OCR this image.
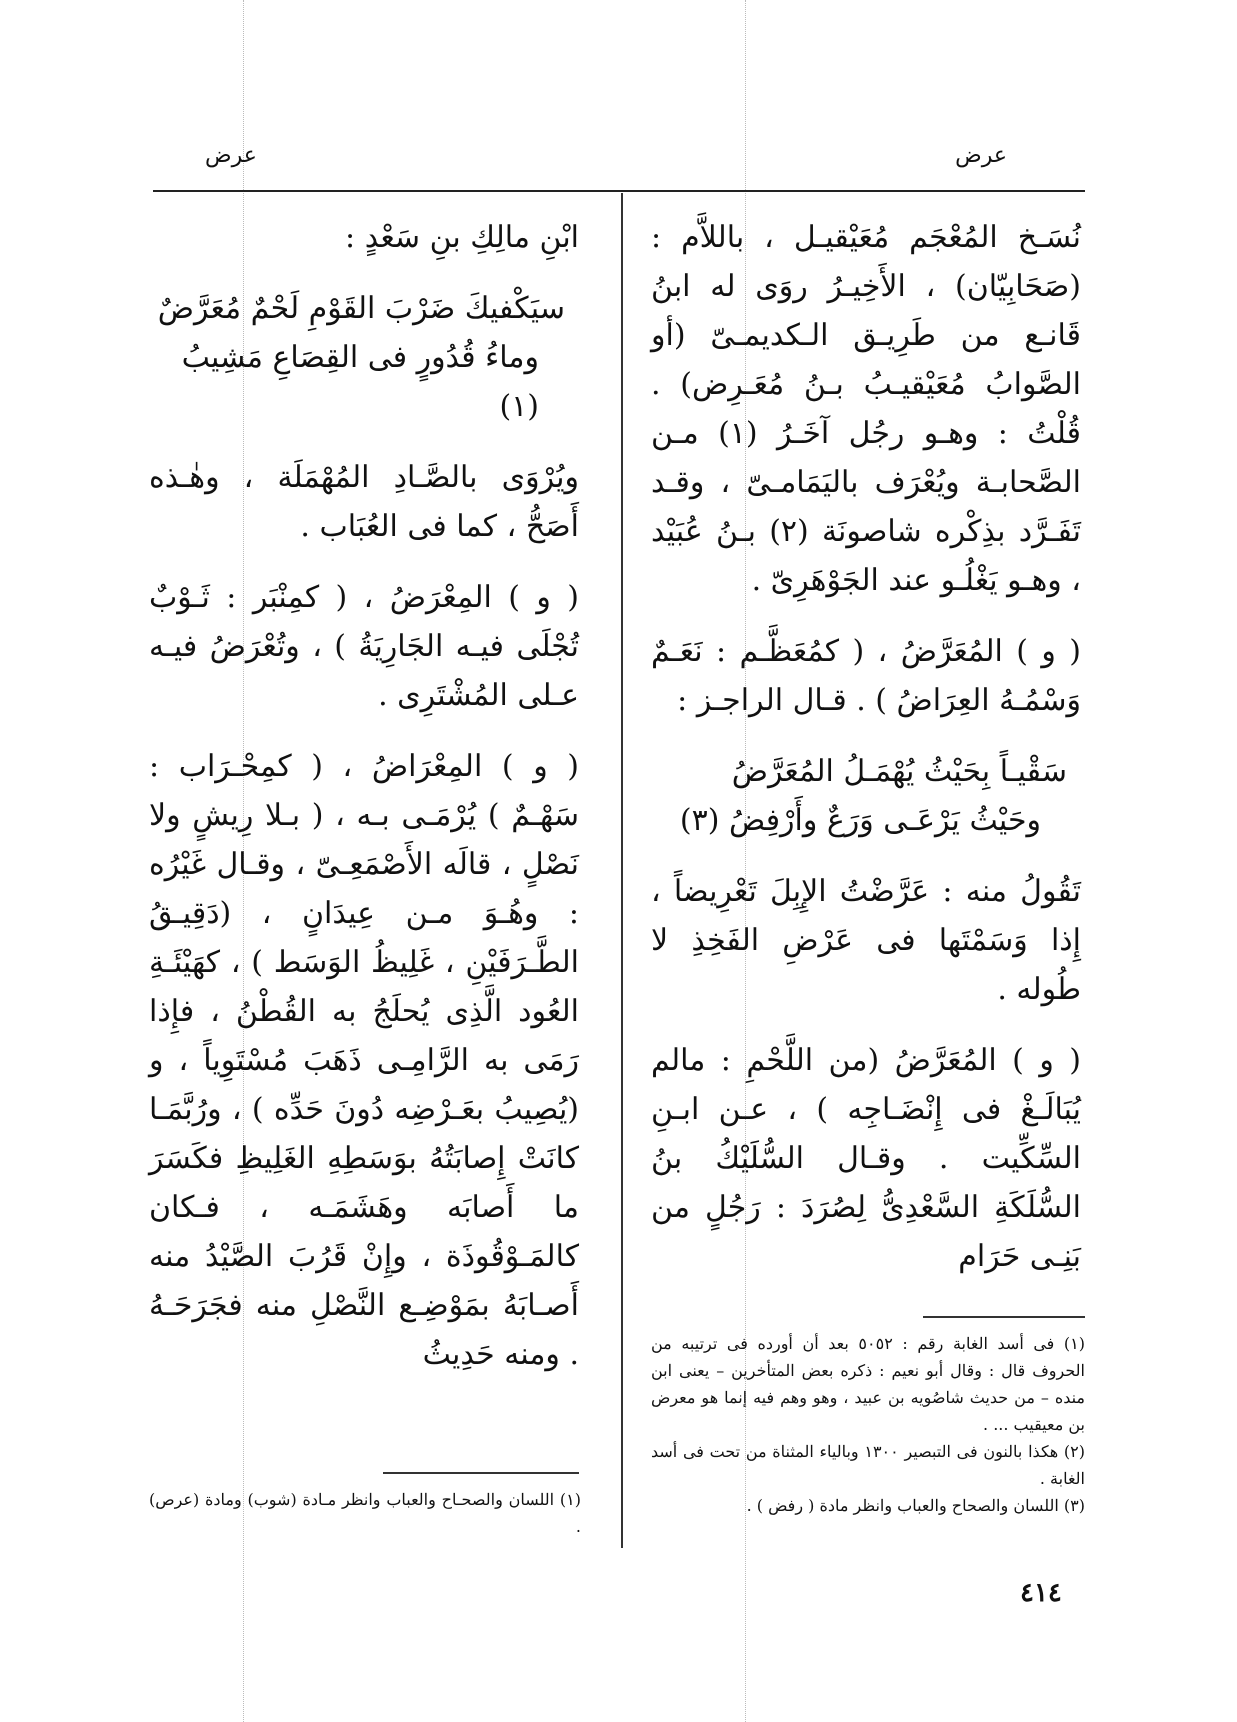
عرض
عرض

نُسَـخ المُعْجَم مُعَيْقيـل ، باللاَّم : (صَحَابِيّان) ، الأَخِيـرُ روَى له ابنُ قَانـع من طَرِيـق الـكديمـىّ (أو الصَّوابُ مُعَيْقيـبُ بـنُ مُعَـرِض) . قُلْتُ : وهـو رجُل آخَـرُ (١) مـن الصَّحابـة ويُعْرَف باليَمَامـىّ ، وقـد تَفَـرَّد بذِكْره شاصونَة (٢) بـنُ عُبَيْد ، وهـو يَغْلُـو عند الجَوْهَرِىّ .

( و ) المُعَرَّضُ ، ( كمُعَظَّـم : نَعَـمٌ وَسْمُـهُ العِرَاضُ ) . قـال الراجـز :

سَقْيـاً بِحَيْثُ يُهْمَـلُ المُعَرَّضُ
وحَيْثُ يَرْعَـى وَرَعٌ وأَرْفِضُ (٣)

تَقُولُ منه : عَرَّضْتُ الإِبِلَ تَعْرِيضاً ، إِذا وَسَمْتَها فى عَرْضِ الفَخِذِ لا طُوله .

( و ) المُعَرَّضُ (من اللَّحْمِ : مالم يُبَالَـغْ فى إِنْضَـاجِه ) ، عـن ابـنِ السِّكِّيت . وقـال السُّلَيْكُ بنُ السُّلَكَةِ السَّعْدِىُّ لِصُرَدَ : رَجُلٍ من بَنِـى حَرَام

ابْنِ مالِكِ بنِ سَعْدٍ :

سيَكْفيكَ ضَرْبَ القَوْمِ لَحْمٌ مُعَرَّضٌ
وماءُ قُدُورٍ فى القِصَاعِ مَشِيبُ (١)

ويُرْوَى بالصَّـادِ المُهْمَلَة ، وهٰـذه أَصَحُّ ، كما فى العُبَاب .

( و ) المِعْرَضُ ، ( كمِنْبَر : ثَـوْبٌ تُجْلَى فيـه الجَارِيَةُ ) ، وتُعْرَضُ فيـه عـلى المُشْتَرِى .

( و ) المِعْرَاضُ ، ( كمِحْـرَاب : سَهْـمٌ ) يُرْمَـى بـه ، ( بـلا رِيشٍ ولا نَصْلٍ ، قالَه الأَصْمَعِـىّ ، وقـال غَيْرُه : وهُـوَ مـن عِيدَانٍ ، (دَقِيـقُ الطَّـرَفَيْنِ ، غَلِيظُ الوَسَط ) ، كهَيْئَـةِ العُود الَّذِى يُحلَجُ به القُطْنُ ، فإِذا رَمَى به الرَّامِـى ذَهَبَ مُسْتَوِياً ، و (يُصِيبُ بعَـرْضِه دُونَ حَدِّه ) ، ورُبَّمَـا كانَتْ إِصابَتُهُ بوَسَطِهِ الغَلِيظِ فكَسَرَ ما أَصابَه وهَشَمَـه ، فـكان كالمَـوْقُوذَة ، وإِنْ قَرُبَ الصَّيْدُ منه أَصـابَهُ بمَوْضِـع النَّصْلِ منه فجَرَحَـهُ . ومنه حَدِيثُ	(١) فى أسد الغابة رقم : ٥٠٥٢ بعد أن أورده فى ترتيبه من الحروف قال : وقال أبو نعيم : ذكره بعض المتأخرين – يعنى ابن منده – من حديث شاصُويه بن عبيد ، وهو وهم فيه إنما هو معرض بن معيقيب ... .

(٢) هكذا بالنون فى التبصير ١٣٠٠ وبالياء المثناة من تحت فى أسد الغابة .

(٣) اللسان والصحاح والعباب وانظر مادة ( رفض ) .

(١) اللسان والصحـاح والعباب وانظر مـادة (شوب) ومادة (عرص) .

٤١٤
